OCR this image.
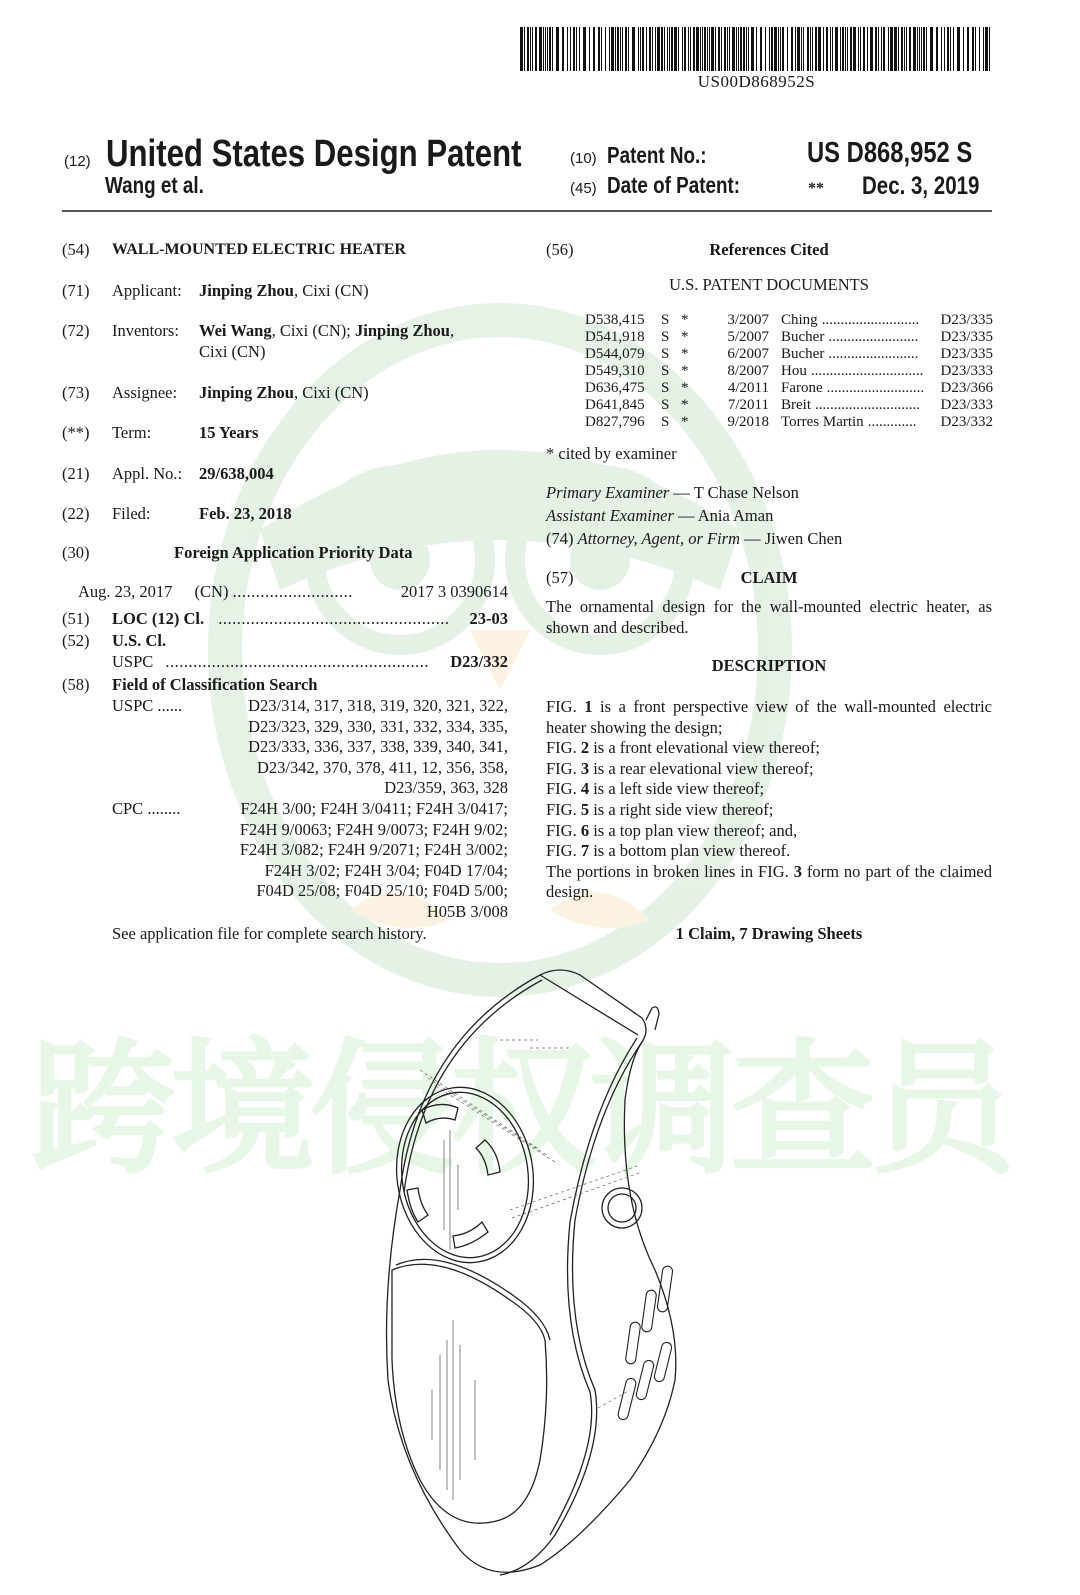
跨境侵权调查员
US00D868952S
(12) United States Design Patent
Wang et al.
(10) Patent No.:	US D868,952 S
(45) Date of Patent:	** Dec. 3, 2019
(54) WALL-MOUNTED ELECTRIC HEATER
(71) Applicant: Jinping Zhou, Cixi (CN)
(72) Inventors: Wei Wang, Cixi (CN); Jinping Zhou,
Cixi (CN)
(73) Assignee: Jinping Zhou, Cixi (CN)
(**) Term:	15 Years
(21) Appl. No.: 29/638,004
(22) Filed:	Feb. 23, 2018
(30)	Foreign Application Priority Data
Aug. 23, 2017 (CN) ..........................	2017 3 0390614
(51) LOC (12) Cl. .................................................. 23-03
(52) U.S. Cl.
USPC ......................................................... D23/332
(58) Field of Classification Search
USPC ......	D23/314, 317, 318, 319, 320, 321, 322,
D23/323, 329, 330, 331, 332, 334, 335,
D23/333, 336, 337, 338, 339, 340, 341,
D23/342, 370, 378, 411, 12, 356, 358,
D23/359, 363, 328
CPC ........	F24H 3/00; F24H 3/0411; F24H 3/0417;
F24H 9/0063; F24H 9/0073; F24H 9/02;
F24H 3/082; F24H 9/2071; F24H 3/002;
F24H 3/02; F24H 3/04; F04D 17/04;
F04D 25/08; F04D 25/10; F04D 5/00;
H05B 3/008
See application file for complete search history.
(56)	References Cited
U.S. PATENT DOCUMENTS
D538,415	S *	3/2007 Ching ..........................	D23/335
D541,918	S *	5/2007 Bucher ........................	D23/335
D544,079	S *	6/2007 Bucher ........................	D23/335
D549,310	S *	8/2007 Hou ..............................	D23/333
D636,475	S *	4/2011 Farone ..........................	D23/366
D641,845	S *	7/2011 Breit ............................	D23/333
D827,796	S *	9/2018 Torres Martin .............	D23/332
* cited by examiner
Primary Examiner — T Chase Nelson
Assistant Examiner — Ania Aman
(74) Attorney, Agent, or Firm — Jiwen Chen
(57)	CLAIM
The ornamental design for the wall-mounted electric heater, as shown and described.
DESCRIPTION
FIG. 1 is a front perspective view of the wall-mounted electric heater showing the design;
FIG. 2 is a front elevational view thereof;
FIG. 3 is a rear elevational view thereof;
FIG. 4 is a left side view thereof;
FIG. 5 is a right side view thereof;
FIG. 6 is a top plan view thereof; and,
FIG. 7 is a bottom plan view thereof.
The portions in broken lines in FIG. 3 form no part of the claimed design.
1 Claim, 7 Drawing Sheets
